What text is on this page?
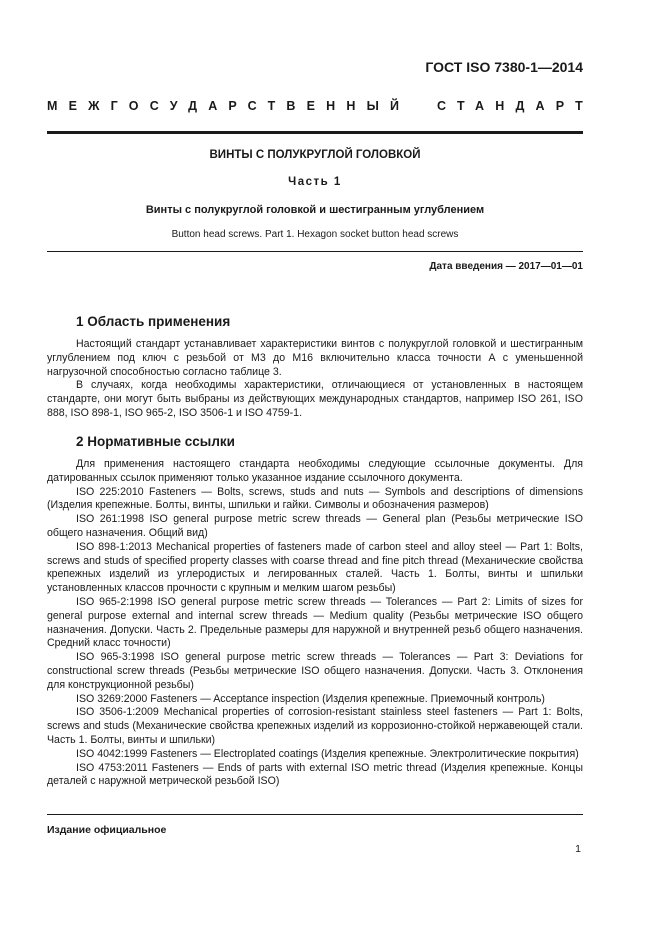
ГОСТ ISO 7380-1—2014
МЕЖГОСУДАРСТВЕННЫЙ СТАНДАРТ
ВИНТЫ С ПОЛУКРУГЛОЙ ГОЛОВКОЙ
Часть 1
Винты с полукруглой головкой и шестигранным углублением
Button head screws. Part 1. Hexagon socket button head screws
Дата введения — 2017—01—01
1 Область применения

Настоящий стандарт устанавливает характеристики винтов с полукруглой головкой и шестигранным углублением под ключ с резьбой от М3 до М16 включительно класса точности А с уменьшенной нагрузочной способностью согласно таблице 3.

В случаях, когда необходимы характеристики, отличающиеся от установленных в настоящем стандарте, они могут быть выбраны из действующих международных стандартов, например ISO 261, ISO 888, ISO 898-1, ISO 965-2, ISO 3506-1 и ISO 4759-1.

2 Нормативные ссылки

Для применения настоящего стандарта необходимы следующие ссылочные документы. Для датированных ссылок применяют только указанное издание ссылочного документа.

ISO 225:2010 Fasteners — Bolts, screws, studs and nuts — Symbols and descriptions of dimensions (Изделия крепежные. Болты, винты, шпильки и гайки. Символы и обозначения размеров)

ISO 261:1998 ISO general purpose metric screw threads — General plan (Резьбы метрические ISO общего назначения. Общий вид)

ISO 898-1:2013 Mechanical properties of fasteners made of carbon steel and alloy steel — Part 1: Bolts, screws and studs of specified property classes with coarse thread and fine pitch thread (Механические свойства крепежных изделий из углеродистых и легированных сталей. Часть 1. Болты, винты и шпильки установленных классов прочности с крупным и мелким шагом резьбы)

ISO 965-2:1998 ISO general purpose metric screw threads — Tolerances — Part 2: Limits of sizes for general purpose external and internal screw threads — Medium quality (Резьбы метрические ISO общего назначения. Допуски. Часть 2. Предельные размеры для наружной и внутренней резьб общего назначения. Средний класс точности)

ISO 965-3:1998 ISO general purpose metric screw threads — Tolerances — Part 3: Deviations for constructional screw threads (Резьбы метрические ISO общего назначения. Допуски. Часть 3. Отклонения для конструкционной резьбы)

ISO 3269:2000 Fasteners — Acceptance inspection (Изделия крепежные. Приемочный контроль)

ISO 3506-1:2009 Mechanical properties of corrosion-resistant stainless steel fasteners — Part 1: Bolts, screws and studs (Механические свойства крепежных изделий из коррозионно-стойкой нержавеющей стали. Часть 1. Болты, винты и шпильки)

ISO 4042:1999 Fasteners — Electroplated coatings (Изделия крепежные. Электролитические покрытия)

ISO 4753:2011 Fasteners — Ends of parts with external ISO metric thread (Изделия крепежные. Концы деталей с наружной метрической резьбой ISO)

Издание официальное
1
